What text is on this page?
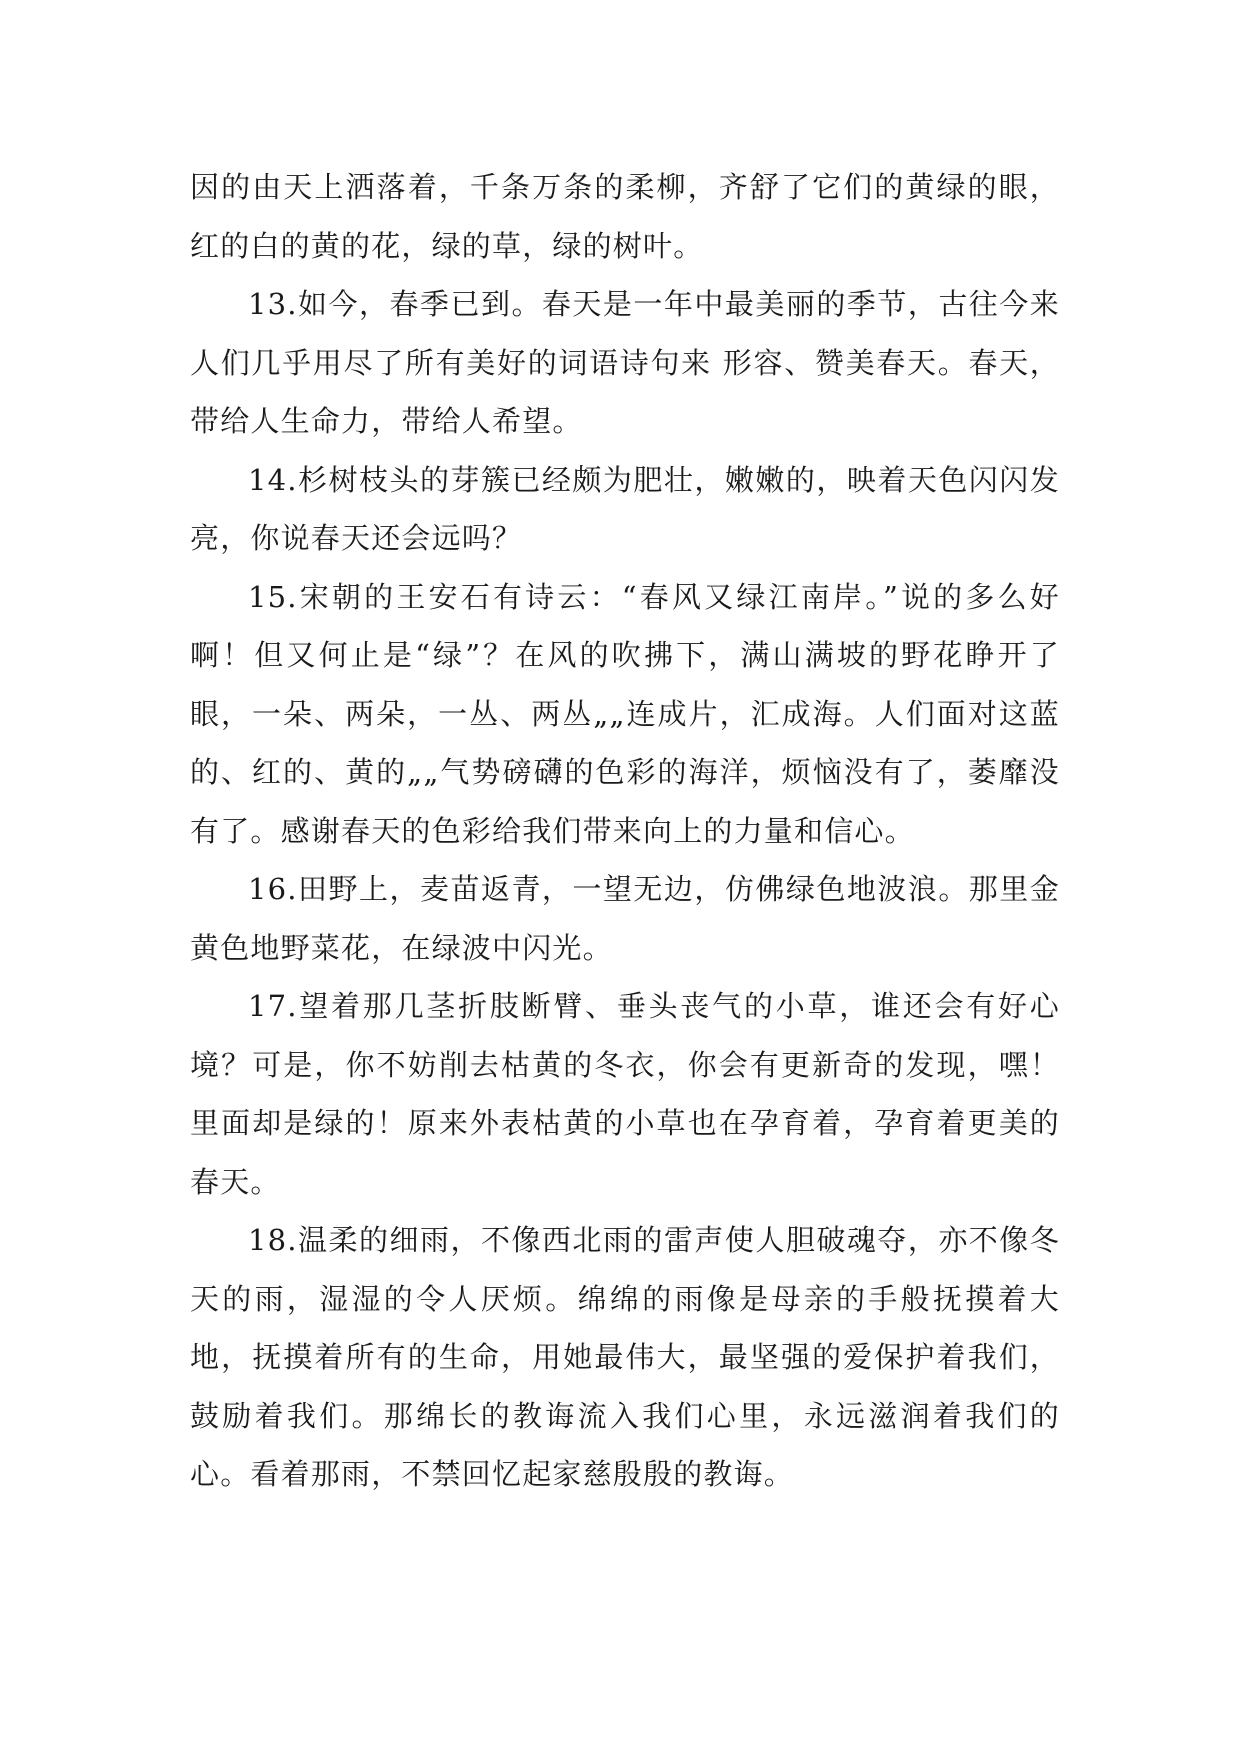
因的由天上洒落着，千条万条的柔柳，齐舒了它们的黄绿的眼，红的白的黄的花，绿的草，绿的树叶。

13.如今，春季已到。春天是一年中最美丽的季节，古往今来人们几乎用尽了所有美好的词语诗句来 形容、赞美春天。春天，带给人生命力，带给人希望。

14.杉树枝头的芽簇已经颇为肥壮，嫩嫩的，映着天色闪闪发亮，你说春天还会远吗？

15.宋朝的王安石有诗云：“春风又绿江南岸。”说的多么好啊！但又何止是“绿”？在风的吹拂下，满山满坡的野花睁开了眼，一朵、两朵，一丛、两丛„„连成片，汇成海。人们面对这蓝的、红的、黄的„„气势磅礴的色彩的海洋，烦恼没有了，萎靡没有了。感谢春天的色彩给我们带来向上的力量和信心。

16.田野上，麦苗返青，一望无边，仿佛绿色地波浪。那里金黄色地野菜花，在绿波中闪光。

17.望着那几茎折肢断臂、垂头丧气的小草，谁还会有好心境？可是，你不妨削去枯黄的冬衣，你会有更新奇的发现，嘿！里面却是绿的！原来外表枯黄的小草也在孕育着，孕育着更美的春天。

18.温柔的细雨，不像西北雨的雷声使人胆破魂夺，亦不像冬天的雨，湿湿的令人厌烦。绵绵的雨像是母亲的手般抚摸着大地，抚摸着所有的生命，用她最伟大，最坚强的爱保护着我们，鼓励着我们。那绵长的教诲流入我们心里，永远滋润着我们的心。看着那雨，不禁回忆起家慈殷殷的教诲。
